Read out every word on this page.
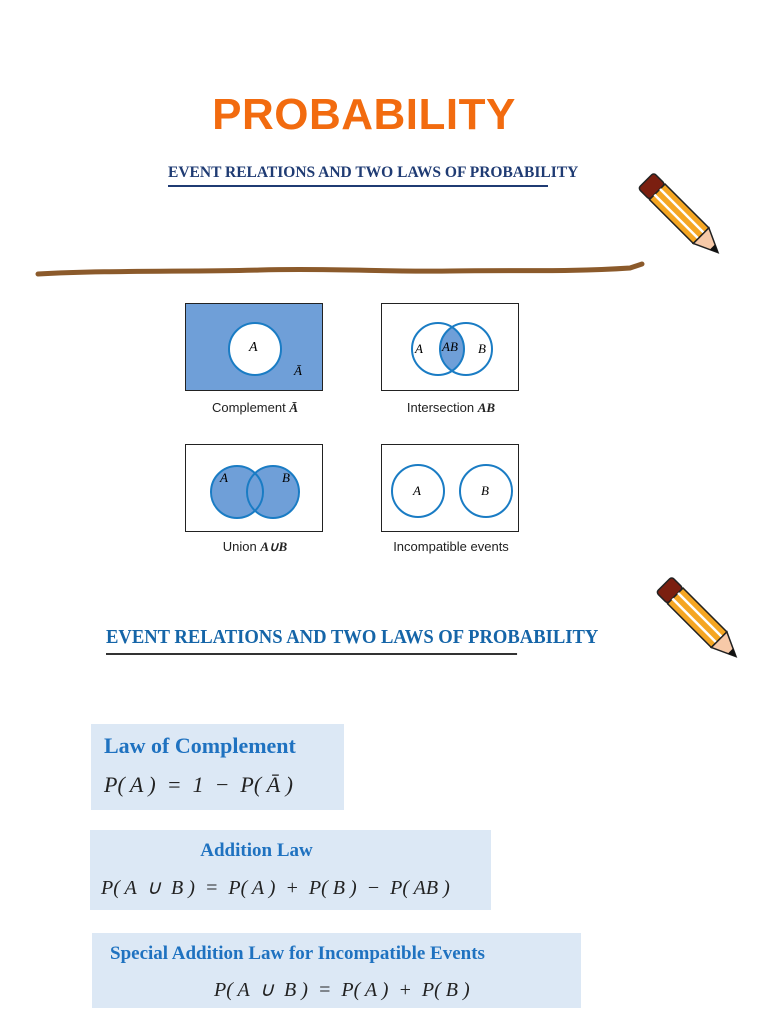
PROBABILITY
EVENT RELATIONS AND TWO LAWS OF PROBABILITY
A
Ā
Complement Ā
A AB B
Intersection AB
A	B
Union A∪B
A	B
Incompatible events
EVENT RELATIONS AND TWO LAWS OF PROBABILITY
Law of Complement
P( A )  =  1  −  P( Ā )
Addition Law
P( A  ∪  B )  =  P( A )  +  P( B )  −  P( AB )
Special Addition Law for Incompatible Events
P( A  ∪  B )  =  P( A )  +  P( B )
